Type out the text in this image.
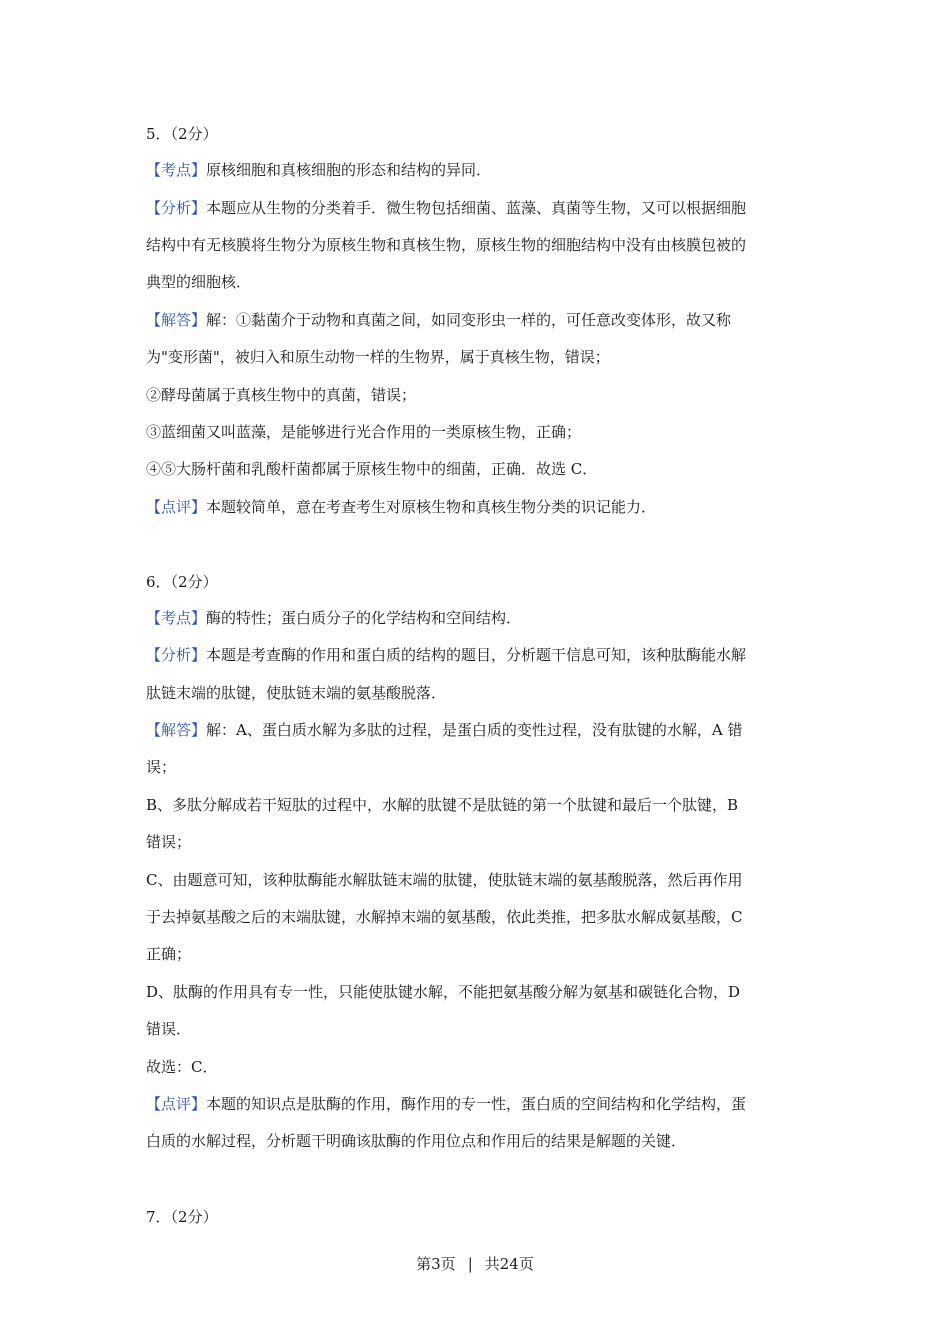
5．（2分）
【考点】原核细胞和真核细胞的形态和结构的异同．
【分析】本题应从生物的分类着手．微生物包括细菌、蓝藻、真菌等生物，又可以根据细胞
结构中有无核膜将生物分为原核生物和真核生物，原核生物的细胞结构中没有由核膜包被的
典型的细胞核．
【解答】解：①黏菌介于动物和真菌之间，如同变形虫一样的，可任意改变体形，故又称
为"变形菌"，被归入和原生动物一样的生物界，属于真核生物，错误；
②酵母菌属于真核生物中的真菌，错误；
③蓝细菌又叫蓝藻，是能够进行光合作用的一类原核生物，正确；
④⑤大肠杆菌和乳酸杆菌都属于原核生物中的细菌，正确．故选 C．
【点评】本题较简单，意在考查考生对原核生物和真核生物分类的识记能力．
6．（2分）
【考点】酶的特性；蛋白质分子的化学结构和空间结构．
【分析】本题是考查酶的作用和蛋白质的结构的题目，分析题干信息可知，该种肽酶能水解
肽链末端的肽键，使肽链末端的氨基酸脱落．
【解答】解：A、蛋白质水解为多肽的过程，是蛋白质的变性过程，没有肽键的水解，A 错
误；
B、多肽分解成若干短肽的过程中，水解的肽键不是肽链的第一个肽键和最后一个肽键，B
错误；
C、由题意可知，该种肽酶能水解肽链末端的肽键，使肽链末端的氨基酸脱落，然后再作用
于去掉氨基酸之后的末端肽键，水解掉末端的氨基酸，依此类推，把多肽水解成氨基酸，C
正确；
D、肽酶的作用具有专一性，只能使肽键水解，不能把氨基酸分解为氨基和碳链化合物，D
错误．
故选：C．
【点评】本题的知识点是肽酶的作用，酶作用的专一性，蛋白质的空间结构和化学结构，蛋
白质的水解过程，分析题干明确该肽酶的作用位点和作用后的结果是解题的关键．
7．（2分）
第3页 | 共24页
